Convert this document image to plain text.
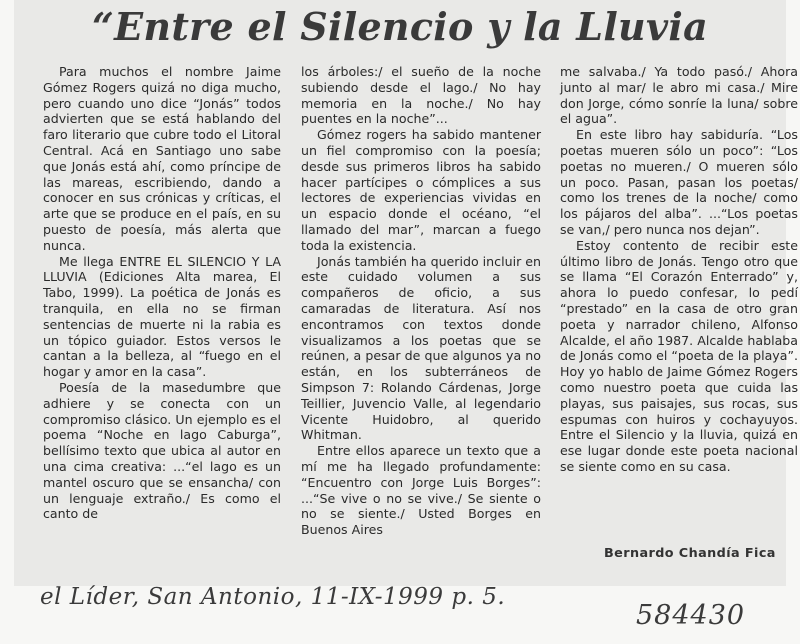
“Entre el Silencio y la Lluvia

Para muchos el nombre Jaime Gómez Rogers quizá no diga mucho, pero cuando uno dice “Jonás” todos advierten que se está hablando del faro literario que cubre todo el Litoral Central. Acá en Santiago uno sabe que Jonás está ahí, como príncipe de las mareas, escribiendo, dando a conocer en sus crónicas y críticas, el arte que se produce en el país, en su puesto de poesía, más alerta que nunca.

Me llega ENTRE EL SILENCIO Y LA LLUVIA (Ediciones Alta marea, El Tabo, 1999). La poética de Jonás es tranquila, en ella no se firman sentencias de muerte ni la rabia es un tópico guiador. Estos versos le cantan a la belleza, al “fuego en el hogar y amor en la casa”.

Poesía de la masedumbre que adhiere y se conecta con un compromiso clásico. Un ejemplo es el poema “Noche en lago Caburga”, bellísimo texto que ubica al autor en una cima creativa: ...“el lago es un mantel oscuro que se ensancha/ con un lenguaje extraño./ Es como el canto de

los árboles:/ el sueño de la noche subiendo desde el lago./ No hay memoria en la noche./ No hay puentes en la noche”...

Gómez rogers ha sabido mantener un fiel compromiso con la poesía; desde sus primeros libros ha sabido hacer partícipes o cómplices a sus lectores de experiencias vividas en un espacio donde el océano, “el llamado del mar”, marcan a fuego toda la existencia.

Jonás también ha querido incluir en este cuidado volumen a sus compañeros de oficio, a sus camaradas de literatura. Así nos encontramos con textos donde visualizamos a los poetas que se reúnen, a pesar de que algunos ya no están, en los subterráneos de Simpson 7: Rolando Cárdenas, Jorge Teillier, Juvencio Valle, al legendario Vicente Huidobro, al querido Whitman.

Entre ellos aparece un texto que a mí me ha llegado profundamente: “Encuentro con Jorge Luis Borges”: ...“Se vive o no se vive./ Se siente o no se siente./ Usted Borges en Buenos Aires

me salvaba./ Ya todo pasó./ Ahora junto al mar/ le abro mi casa./ Mire don Jorge, cómo sonríe la luna/ sobre el agua”.

En este libro hay sabiduría. “Los poetas mueren sólo un poco”: “Los poetas no mueren./ O mueren sólo un poco. Pasan, pasan los poetas/ como los trenes de la noche/ como los pájaros del alba”. ...“Los poetas se van,/ pero nunca nos dejan”.

Estoy contento de recibir este último libro de Jonás. Tengo otro que se llama “El Corazón Enterrado” y, ahora lo puedo confesar, lo pedí “prestado” en la casa de otro gran poeta y narrador chileno, Alfonso Alcalde, el año 1987. Alcalde hablaba de Jonás como el “poeta de la playa”. Hoy yo hablo de Jaime Gómez Rogers como nuestro poeta que cuida las playas, sus paisajes, sus rocas, sus espumas con huiros y cochayuyos. Entre el Silencio y la lluvia, quizá en ese lugar donde este poeta nacional se siente como en su casa.

Bernardo Chandía Fica
el Líder, San Antonio, 11-IX-1999 p. 5.
584430
